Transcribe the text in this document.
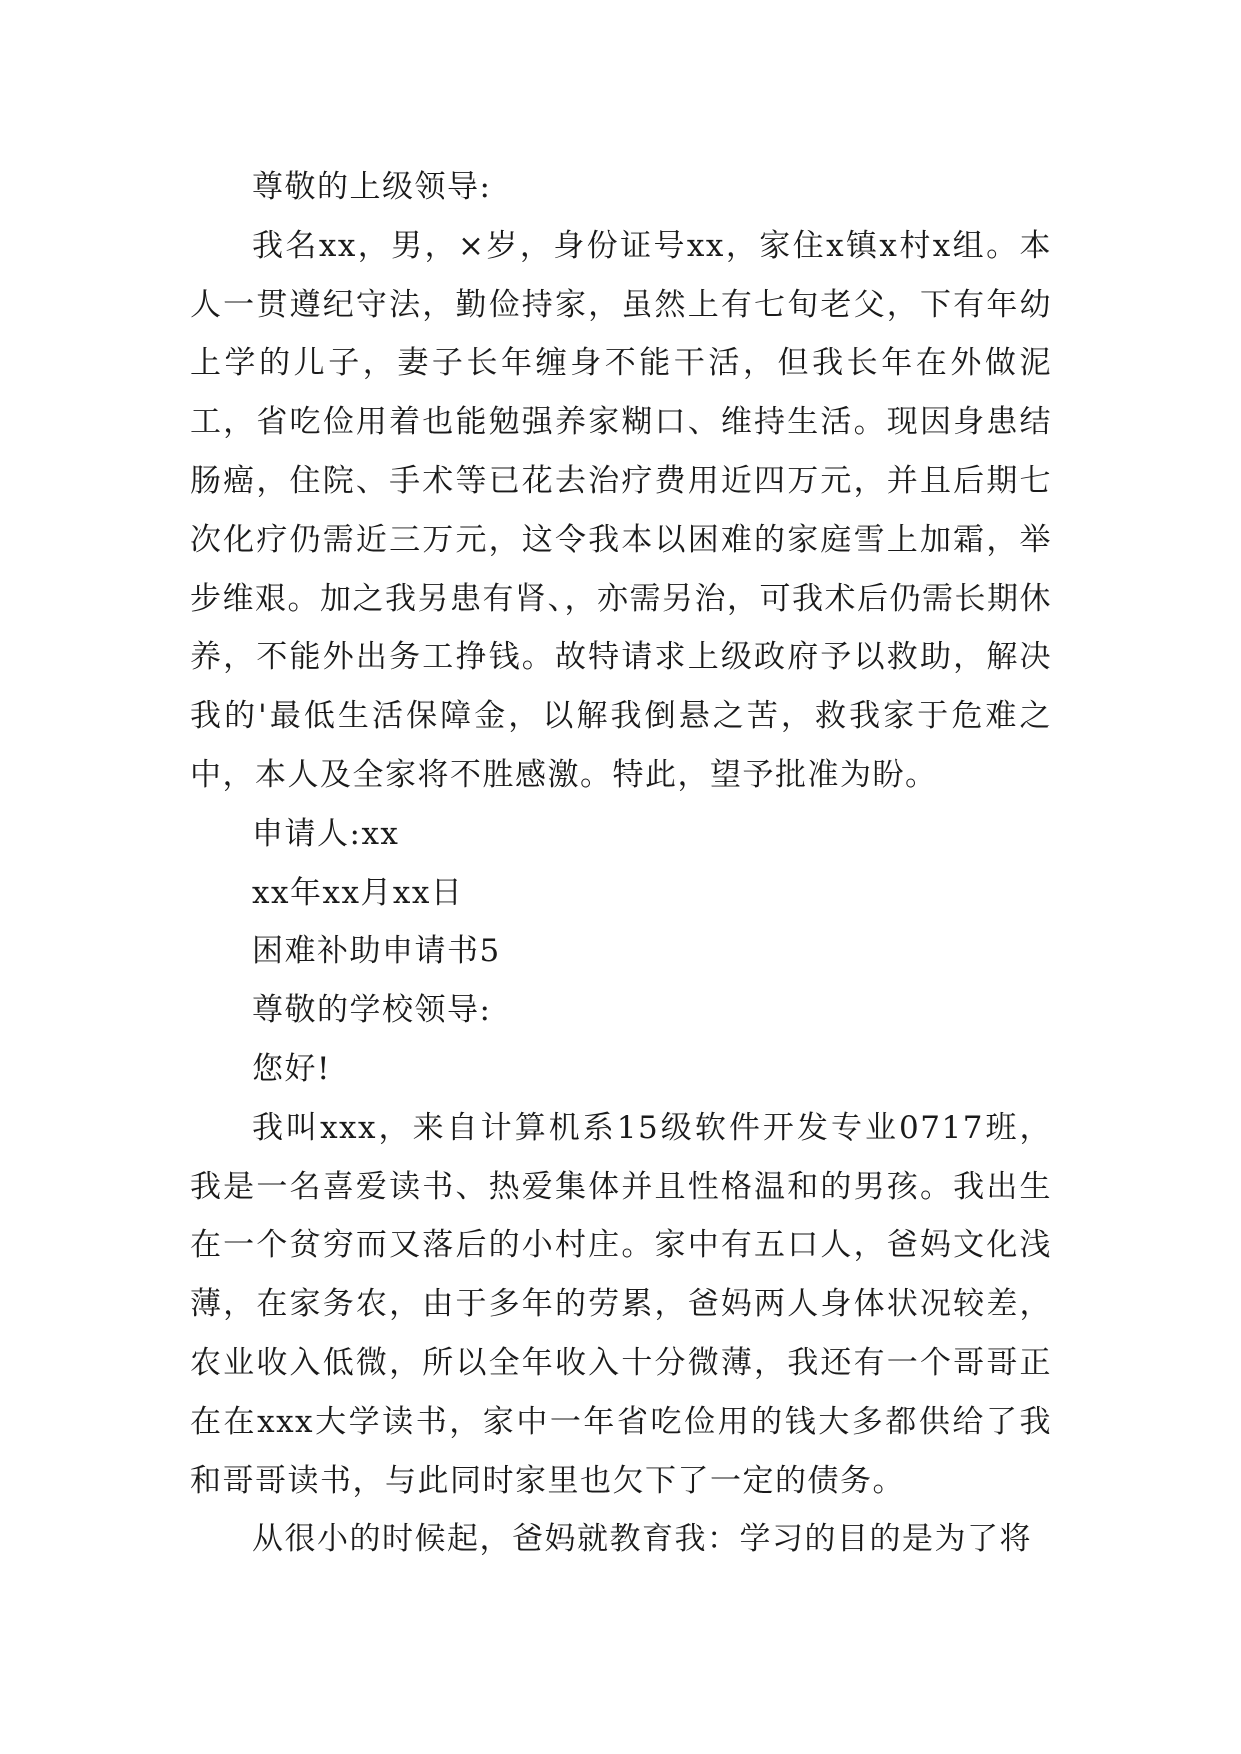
尊敬的上级领导:

我名xx，男，×岁，身份证号xx，家住x镇x村x组。本人一贯遵纪守法，勤俭持家，虽然上有七旬老父，下有年幼上学的儿子，妻子长年缠身不能干活，但我长年在外做泥工，省吃俭用着也能勉强养家糊口、维持生活。现因身患结肠癌，住院、手术等已花去治疗费用近四万元，并且后期七次化疗仍需近三万元，这令我本以困难的家庭雪上加霜，举步维艰。加之我另患有肾、，亦需另治，可我术后仍需长期休养，不能外出务工挣钱。故特请求上级政府予以救助，解决我的'最低生活保障金，以解我倒悬之苦，救我家于危难之中，本人及全家将不胜感激。特此，望予批准为盼。

申请人:xx

xx年xx月xx日

困难补助申请书5

尊敬的学校领导:

您好!

我叫xxx，来自计算机系15级软件开发专业0717班，我是一名喜爱读书、热爱集体并且性格温和的男孩。我出生在一个贫穷而又落后的小村庄。家中有五口人，爸妈文化浅薄，在家务农，由于多年的劳累，爸妈两人身体状况较差，农业收入低微，所以全年收入十分微薄，我还有一个哥哥正在在xxx大学读书，家中一年省吃俭用的钱大多都供给了我和哥哥读书，与此同时家里也欠下了一定的债务。

从很小的时候起，爸妈就教育我：学习的目的是为了将
